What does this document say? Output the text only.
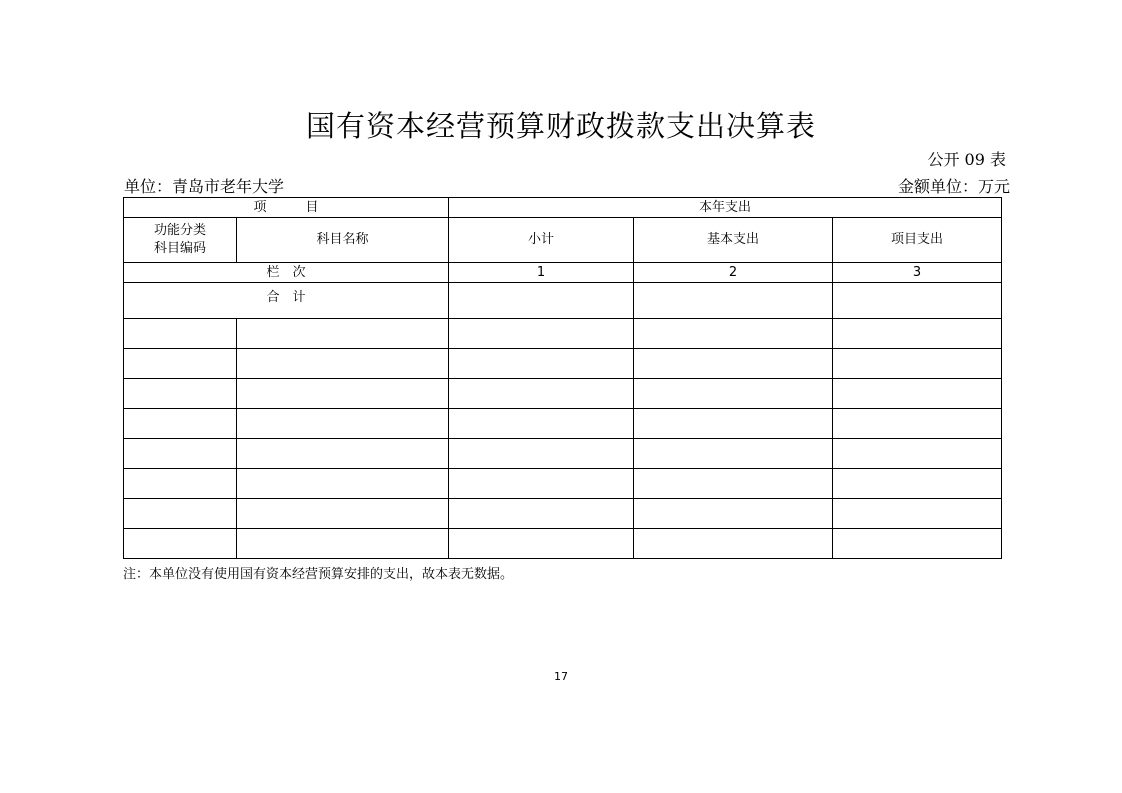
国有资本经营预算财政拨款支出决算表
公开 09 表
单位：青岛市老年大学	金额单位：万元
项　　　目		本年支出		

功能分类
科目编码	科目名称	小计	基本支出	项目支出
栏　次		1	2	3
合　计				

注：本单位没有使用国有资本经营预算安排的支出，故本表无数据。
17
